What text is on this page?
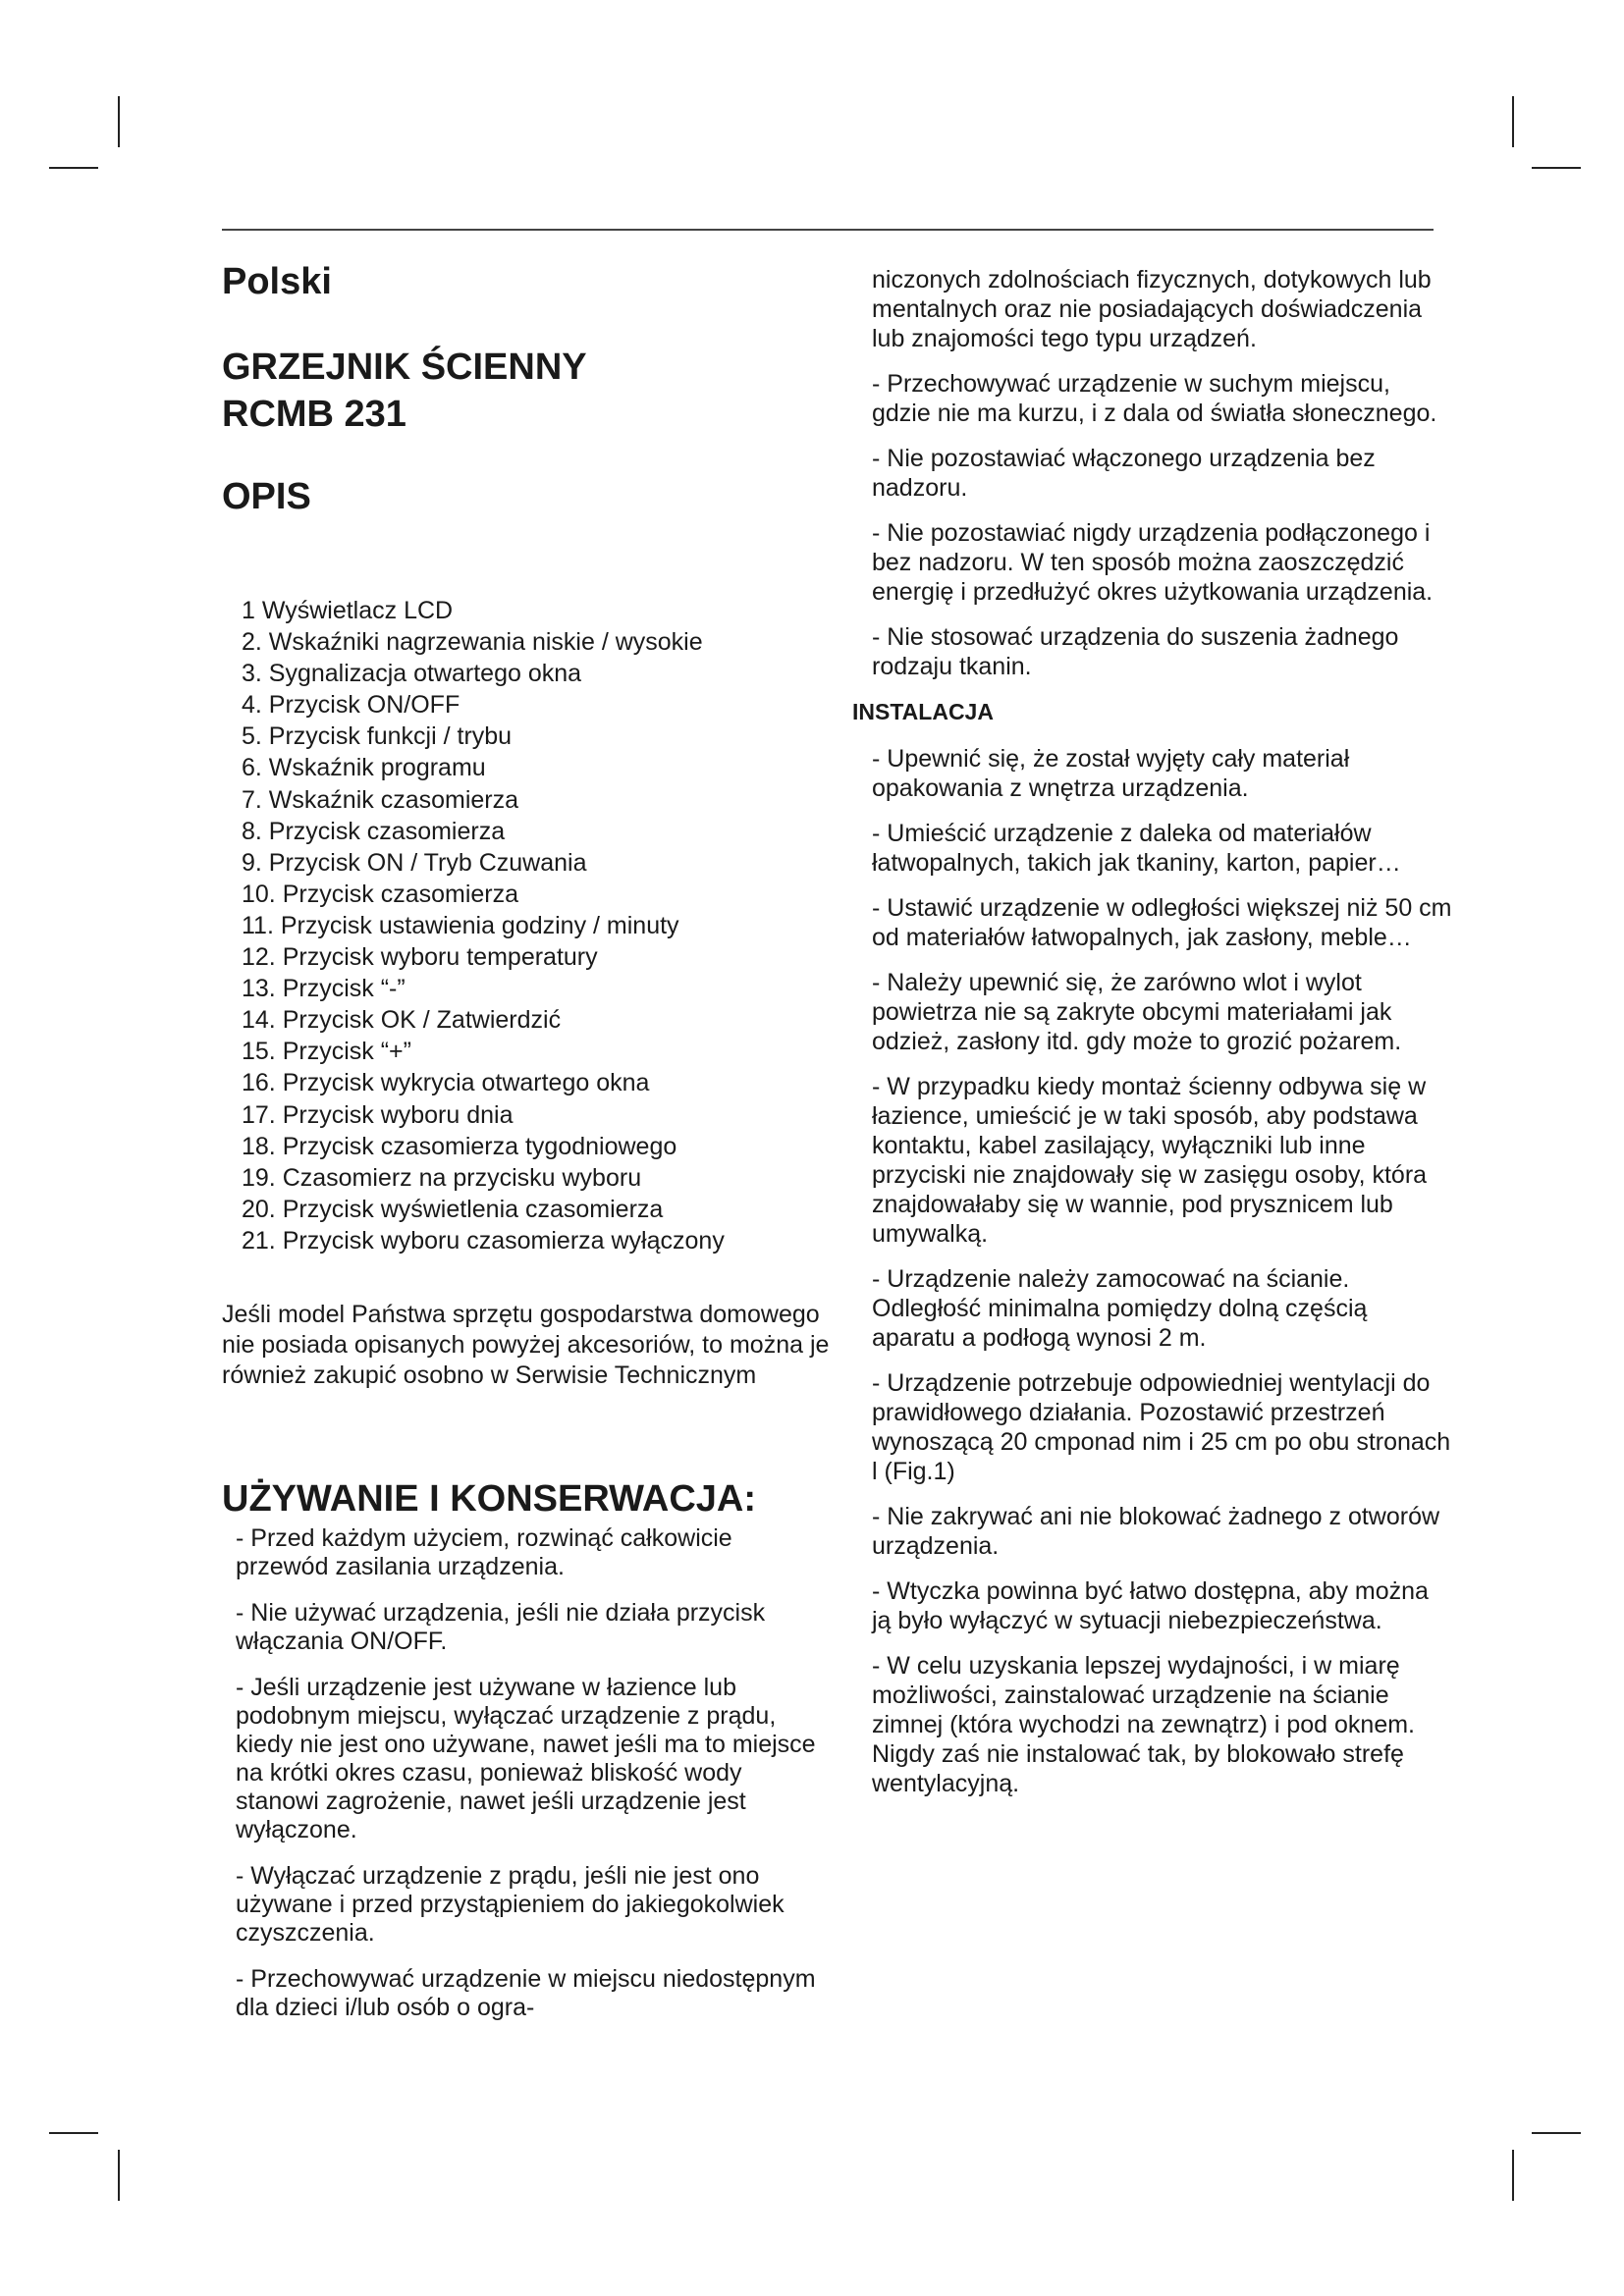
Polski
GRZEJNIK ŚCIENNY
RCMB 231
OPIS
1 Wyświetlacz LCD
2. Wskaźniki nagrzewania niskie / wysokie
3. Sygnalizacja otwartego okna
4. Przycisk ON/OFF
5. Przycisk funkcji / trybu
6. Wskaźnik programu
7. Wskaźnik czasomierza
8. Przycisk czasomierza
9. Przycisk ON / Tryb Czuwania
10. Przycisk czasomierza
11. Przycisk ustawienia godziny / minuty
12. Przycisk wyboru temperatury
13. Przycisk “-”
14. Przycisk OK / Zatwierdzić
15. Przycisk “+”
16. Przycisk wykrycia otwartego okna
17. Przycisk wyboru dnia
18. Przycisk czasomierza tygodniowego
19. Czasomierz na przycisku wyboru
20. Przycisk wyświetlenia czasomierza
21. Przycisk wyboru czasomierza wyłączony

Jeśli model Państwa sprzętu gospodarstwa domowego nie posiada opisanych powyżej akcesoriów, to można je również zakupić osobno w Serwisie Technicznym

UŻYWANIE I KONSERWACJA:
- Przed każdym użyciem, rozwinąć całkowicie przewód zasilania urządzenia.
- Nie używać urządzenia, jeśli nie działa przycisk włączania ON/OFF.
- Jeśli urządzenie jest używane w łazience lub podobnym miejscu, wyłączać urządzenie z prądu, kiedy nie jest ono używane, nawet jeśli ma to miejsce na krótki okres czasu, ponieważ bliskość wody stanowi zagrożenie, nawet jeśli urządzenie jest wyłączone.
- Wyłączać urządzenie z prądu, jeśli nie jest ono używane i przed przystąpieniem do jakiegokolwiek czyszczenia.
- Przechowywać urządzenie w miejscu niedostępnym dla dzieci i/lub osób o ogra-

niczonych zdolnościach fizycznych, dotykowych lub mentalnych oraz nie posiadających doświadczenia lub znajomości tego typu urządzeń.

- Przechowywać urządzenie w suchym miejscu, gdzie nie ma kurzu, i z dala od światła słonecznego.
- Nie pozostawiać włączonego urządzenia bez nadzoru.
- Nie pozostawiać nigdy urządzenia podłączonego i bez nadzoru. W ten sposób można zaoszczędzić energię i przedłużyć okres użytkowania urządzenia.
- Nie stosować urządzenia do suszenia żadnego rodzaju tkanin.
INSTALACJA
- Upewnić się, że został wyjęty cały materiał opakowania z wnętrza urządzenia.
- Umieścić urządzenie z daleka od materiałów łatwopalnych, takich jak tkaniny, karton, papier…
- Ustawić urządzenie w odległości większej niż 50 cm od materiałów łatwopalnych, jak zasłony, meble…
- Należy upewnić się, że zarówno wlot i wylot powietrza nie są zakryte obcymi materiałami jak odzież, zasłony itd. gdy może to grozić pożarem.
- W przypadku kiedy montaż ścienny odbywa się w łazience, umieścić je w taki sposób, aby podstawa kontaktu, kabel zasilający, wyłączniki lub inne przyciski nie znajdowały się w zasięgu osoby, która znajdowałaby się w wannie, pod prysznicem lub umywalką.
- Urządzenie należy zamocować na ścianie. Odległość minimalna pomiędzy dolną częścią aparatu a podłogą wynosi 2 m.
- Urządzenie potrzebuje odpowiedniej wentylacji do prawidłowego działania. Pozostawić przestrzeń wynoszącą 20 cmponad nim i 25 cm po obu stronach l (Fig.1)
- Nie zakrywać ani nie blokować żadnego z otworów urządzenia.
- Wtyczka powinna być łatwo dostępna, aby można ją było wyłączyć w sytuacji niebezpieczeństwa.
- W celu uzyskania lepszej wydajności, i w miarę możliwości, zainstalować urządzenie na ścianie zimnej (która wychodzi na zewnątrz) i pod oknem. Nigdy zaś nie instalować tak, by blokowało strefę wentylacyjną.
